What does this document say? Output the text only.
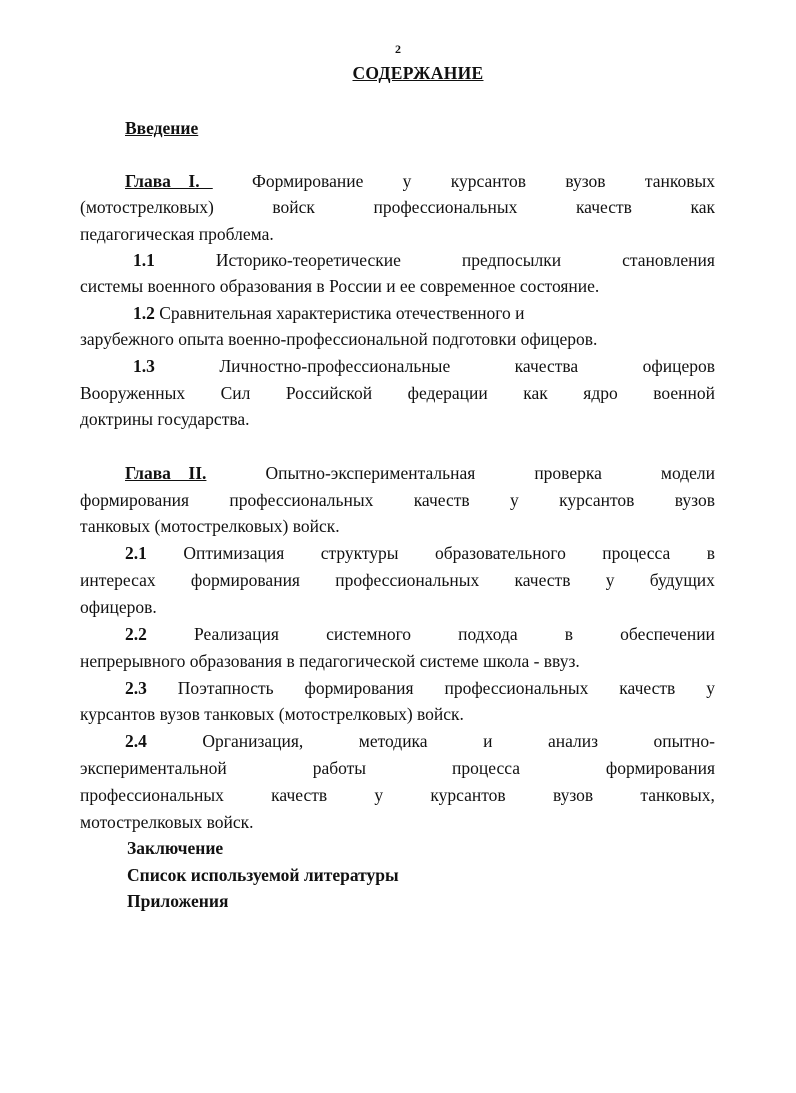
2
СОДЕРЖАНИЕ
Введение
Глава    I. Формирование у курсантов вузов танковых
(мотострелковых)	войск	профессиональных	качеств	как
педагогическая проблема.
1.1	Историко-теоретические	предпосылки	становления
системы военного образования в России и ее современное состояние.
1.2 Сравнительная характеристика отечественного и
зарубежного опыта военно-профессиональной подготовки офицеров.
1.3	Личностно-профессиональные	качества	офицеров
Вооруженных Сил Российской федерации как ядро военной
доктрины государства.
Глава    II.	Опытно-экспериментальная	проверка	модели
формирования профессиональных качеств у курсантов вузов
танковых (мотострелковых) войск.
2.1 Оптимизация структуры образовательного процесса в
интересах формирования профессиональных качеств у будущих
офицеров.
2.2	Реализация	системного	подхода	в	обеспечении
непрерывного образования в педагогической системе школа - ввуз.
2.3 Поэтапность формирования профессиональных качеств у
курсантов вузов танковых (мотострелковых) войск.
2.4	Организация,	методика	и	анализ	опытно-
экспериментальной	работы	процесса	формирования
профессиональных	качеств	у	курсантов	вузов	танковых,
мотострелковых войск.
Заключение
Список используемой литературы
Приложения
